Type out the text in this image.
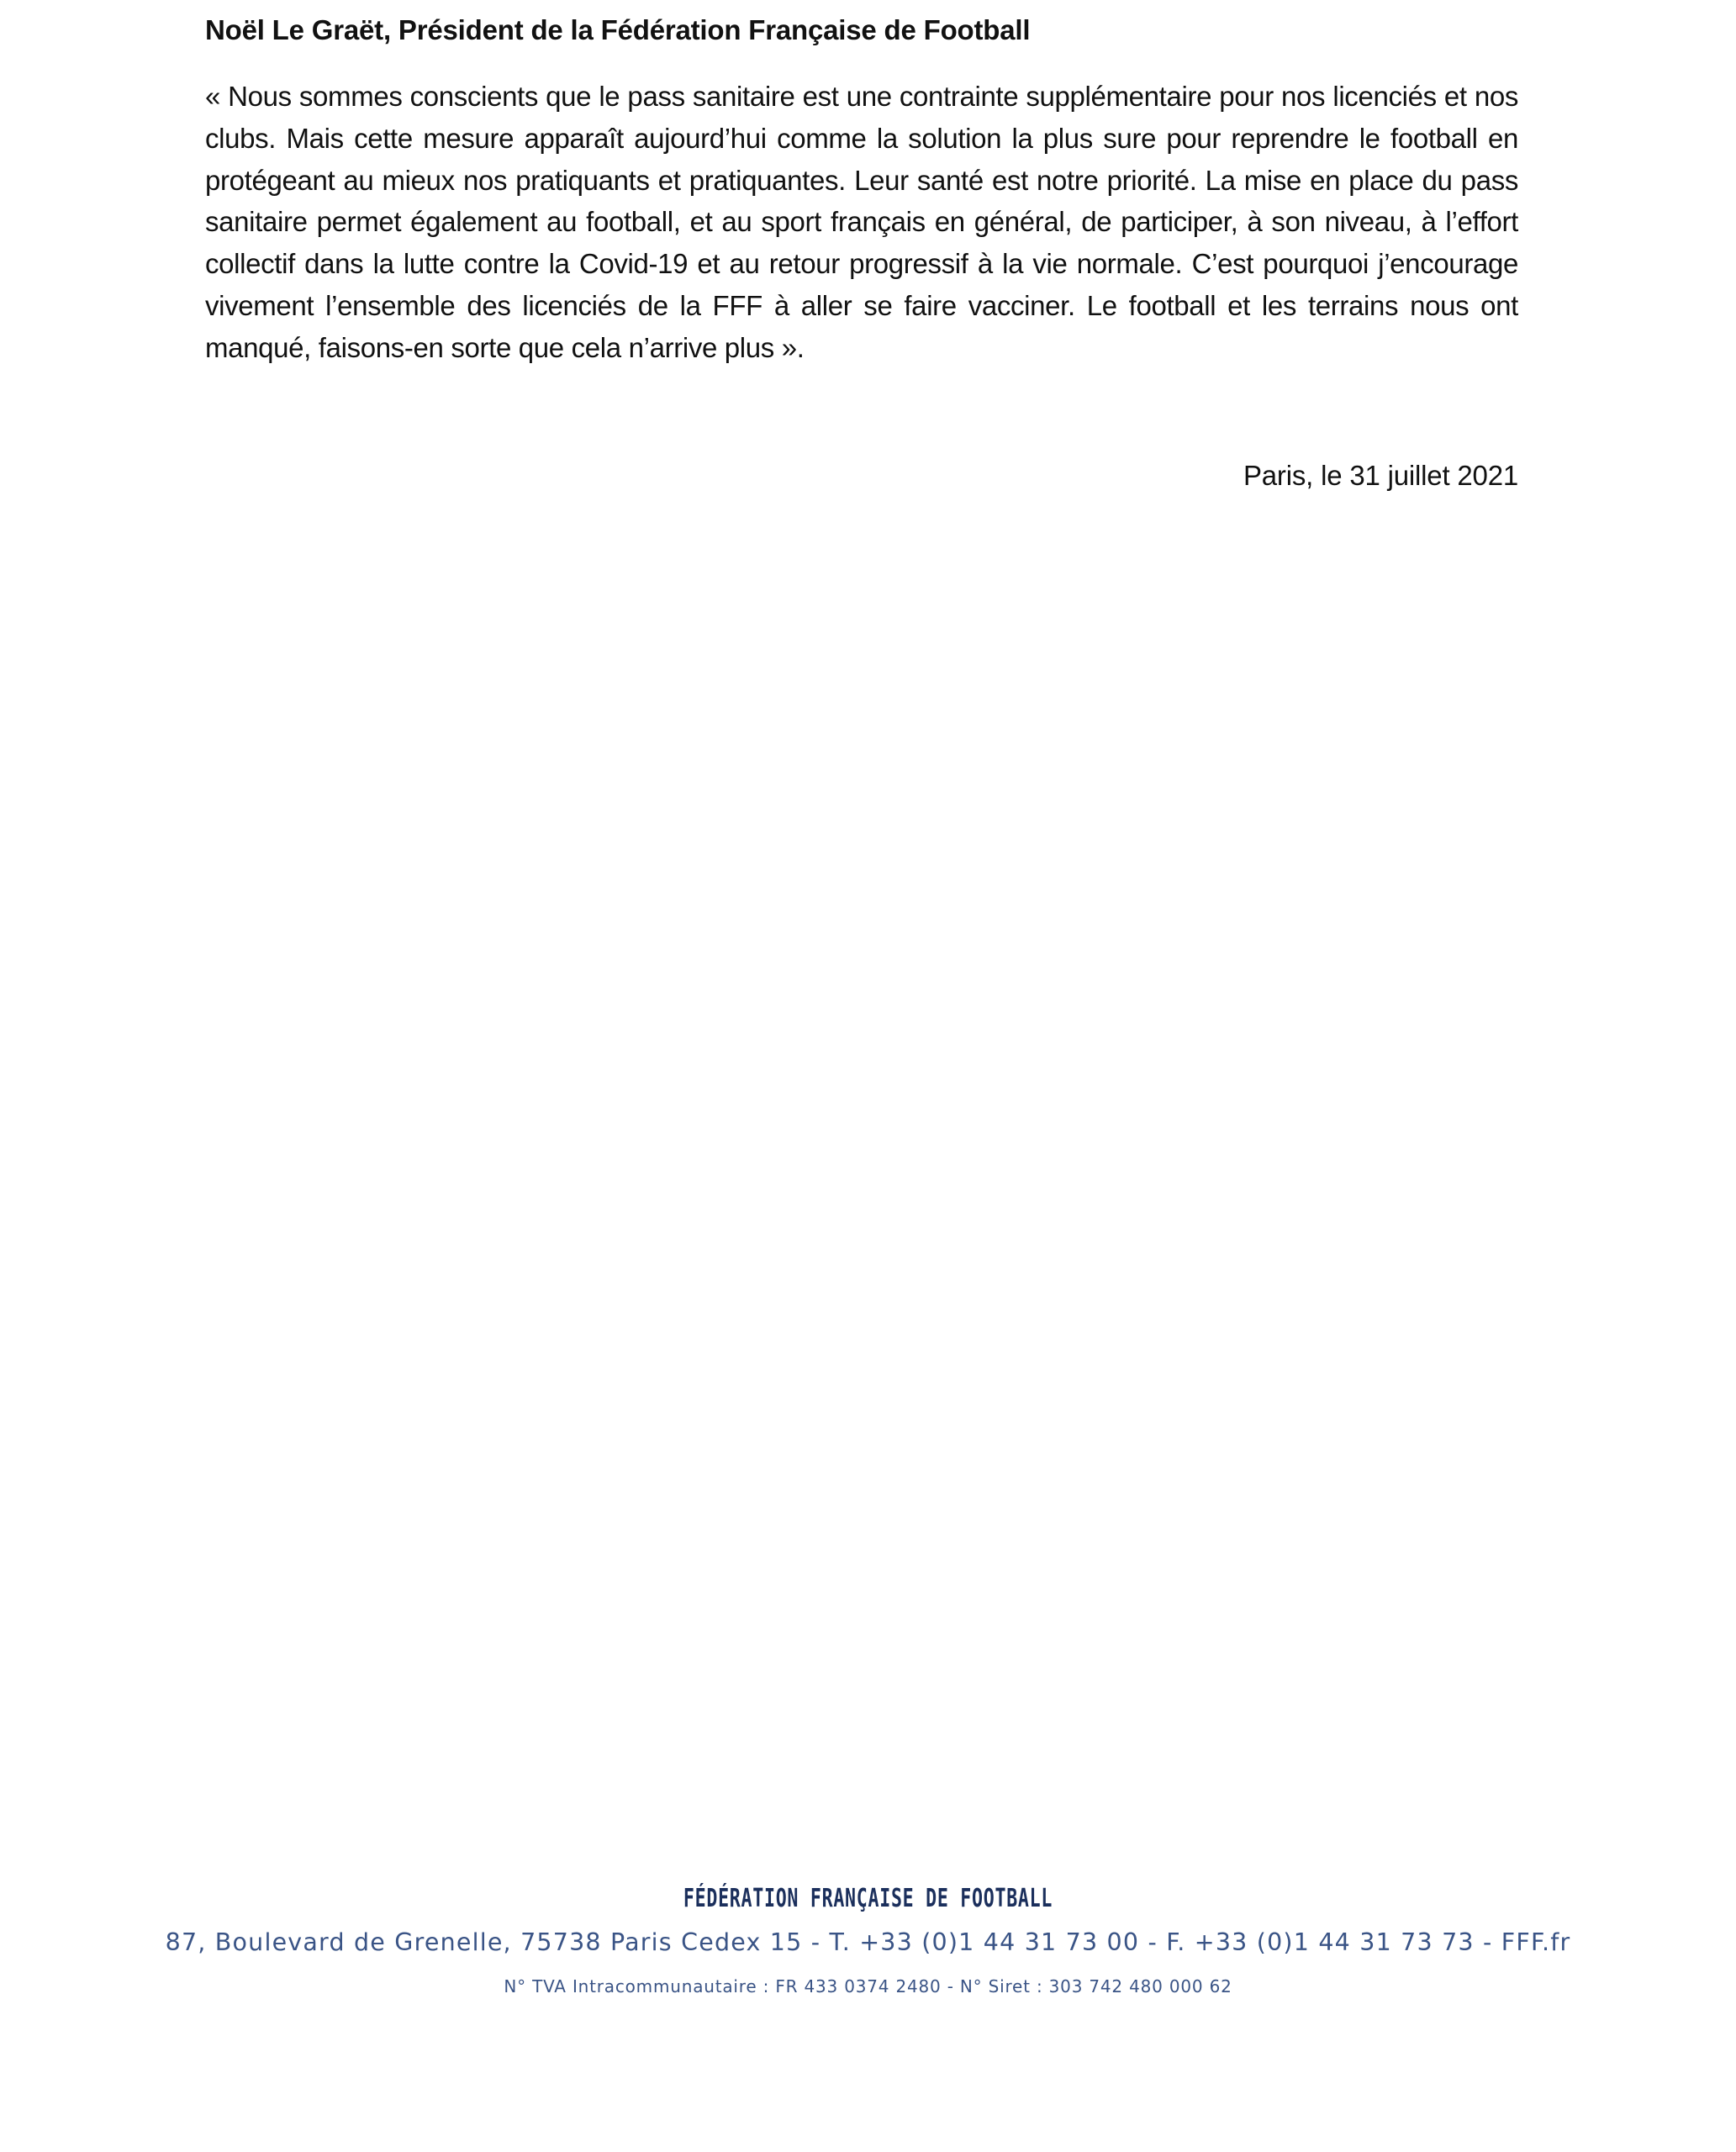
Noël Le Graët, Président de la Fédération Française de Football

« Nous sommes conscients que le pass sanitaire est une contrainte supplémentaire pour nos licenciés et nos clubs. Mais cette mesure apparaît aujourd’hui comme la solution la plus sure pour reprendre le football en protégeant au mieux nos pratiquants et pratiquantes. Leur santé est notre priorité. La mise en place du pass sanitaire permet également au football, et au sport français en général, de participer, à son niveau, à l’effort collectif dans la lutte contre la Covid-19 et au retour progressif à la vie normale. C’est pourquoi j’encourage vivement l’ensemble des licenciés de la FFF à aller se faire vacciner. Le football et les terrains nous ont manqué, faisons-en sorte que cela n’arrive plus ».

Paris, le 31 juillet 2021
FÉDÉRATION FRANÇAISE DE FOOTBALL
87, Boulevard de Grenelle, 75738 Paris Cedex 15 - T. +33 (0)1 44 31 73 00 - F. +33 (0)1 44 31 73 73 - FFF.fr
N° TVA Intracommunautaire : FR 433 0374 2480 - N° Siret : 303 742 480 000 62
